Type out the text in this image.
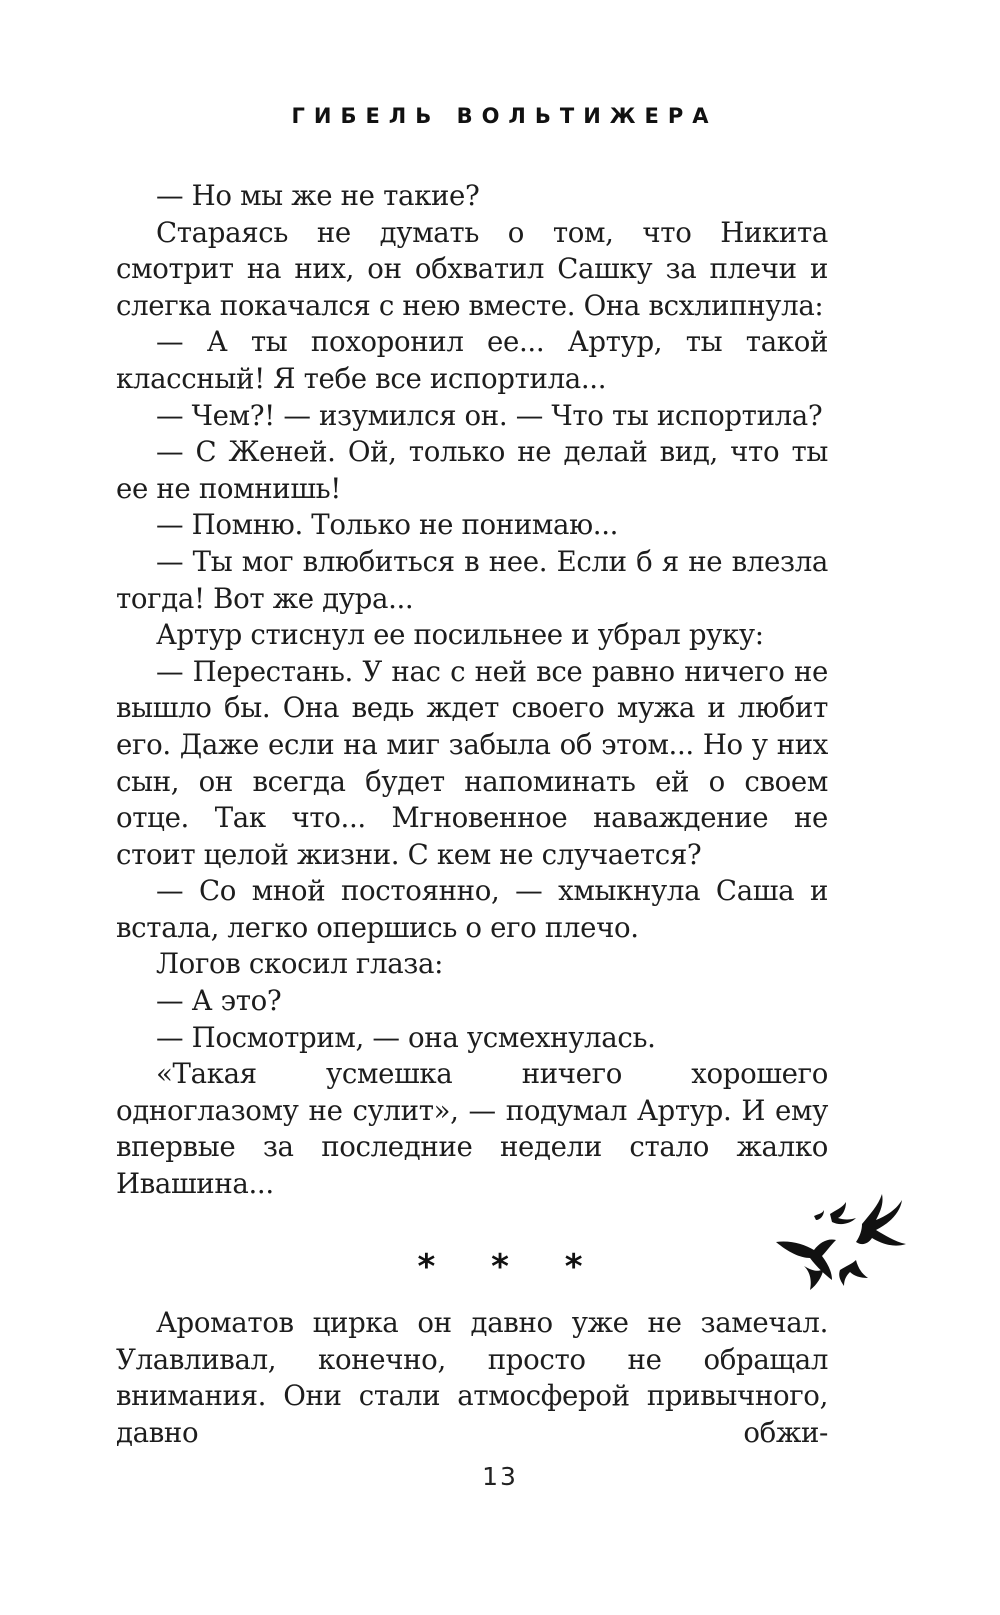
ГИБЕЛЬ ВОЛЬТИЖЕРА

— Но мы же не такие?

Стараясь не думать о том, что Никита смотрит на них, он обхватил Сашку за плечи и слегка покачался с нею вместе. Она всхлипнула:

— А ты похоронил ее... Артур, ты такой классный! Я тебе все испортила...

— Чем?! — изумился он. — Что ты испортила?

— С Женей. Ой, только не делай вид, что ты ее не помнишь!

— Помню. Только не понимаю...

— Ты мог влюбиться в нее. Если б я не влезла тогда! Вот же дура...

Артур стиснул ее посильнее и убрал руку:

— Перестань. У нас с ней все равно ничего не вышло бы. Она ведь ждет своего мужа и любит его. Даже если на миг забыла об этом... Но у них сын, он всегда будет напоминать ей о своем отце. Так что... Мгновенное наваждение не стоит целой жизни. С кем не случается?

— Со мной постоянно, — хмыкнула Саша и встала, легко опершись о его плечо.

Логов скосил глаза:

— А это?

— Посмотрим, — она усмехнулась.

«Такая усмешка ничего хорошего одноглазому не сулит», — подумал Артур. И ему впервые за последние недели стало жалко Ивашина...

* * *

Ароматов цирка он давно уже не замечал. Улавливал, конечно, просто не обращал внимания. Они стали атмосферой привычного, давно обжи-

13
